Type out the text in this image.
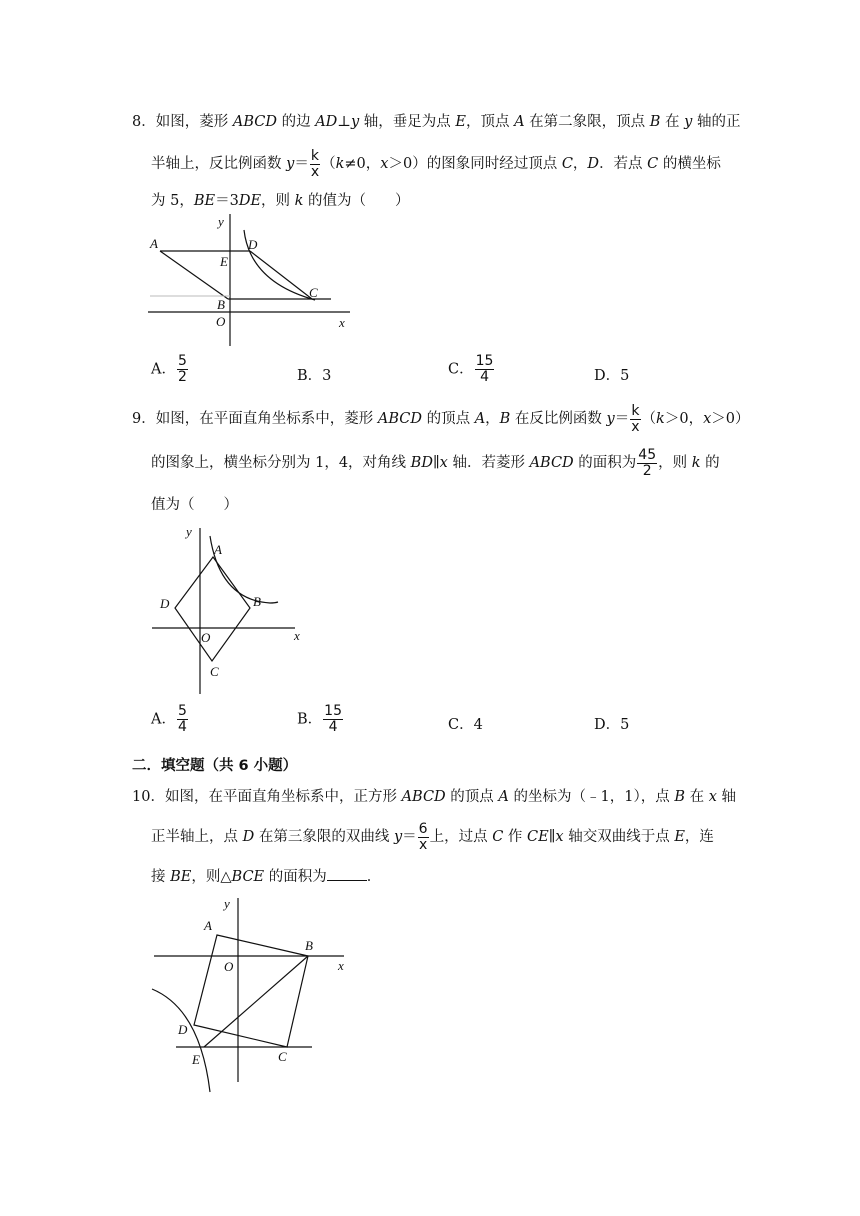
8．如图，菱形 ABCD 的边 AD⊥y 轴，垂足为点 E，顶点 A 在第二象限，顶点 B 在 y 轴的正
半轴上，反比例函数 $y= \frac{k}{x} (k\ne 0$，x＞0）的图象同时经过顶点 C，D．若点 C 的横坐标
为 5，BE＝3DE，则 k 的值为（　　）
y
A	D
E
C
B
O	x
A． $\frac{5}{2}$	B．3	C． $\frac{15}{4}$	D．5
9．如图，在平面直角坐标系中，菱形 ABCD 的顶点 A，B 在反比例函数 $y= \frac{k}{x} (k>0$，x＞0）
的图象上，横坐标分别为 1，4，对角线 BD∥x 轴．若菱形 ABCD 的面积为 $\frac{45}{2}$ ，则 k 的
值为（　　）
y
A
D	B
O
C
x
A． $\frac{5}{4}$	B． $\frac{15}{4}$	C．4	D．5
二．填空题（共 6 小题）
10．如图，在平面直角坐标系中，正方形 ABCD 的顶点 A 的坐标为（﹣1，1），点 B 在 x 轴
正半轴上，点 D 在第三象限的双曲线 $y= \frac{6}{x}$ 上，过点 C 作 CE∥x 轴交双曲线于点 E，连
接 BE，则△BCE 的面积为	．
y
A
B
O	x
D
E	C
